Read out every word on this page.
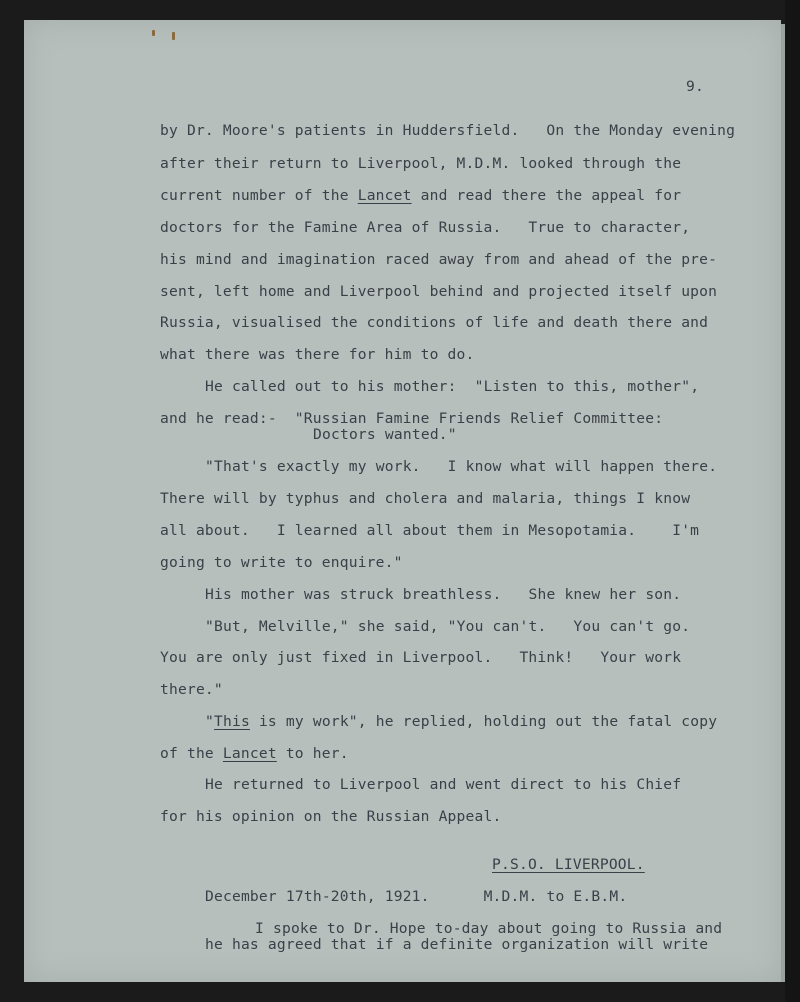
9.
by Dr. Moore's patients in Huddersfield.   On the Monday evening
after their return to Liverpool, M.D.M. looked through the
current number of the Lancet and read there the appeal for
doctors for the Famine Area of Russia.   True to character,
his mind and imagination raced away from and ahead of the pre-
sent, left home and Liverpool behind and projected itself upon
Russia, visualised the conditions of life and death there and
what there was there for him to do.
He called out to his mother:  "Listen to this, mother",
and he read:-  "Russian Famine Friends Relief Committee:
Doctors wanted."
"That's exactly my work.   I know what will happen there.
There will by typhus and cholera and malaria, things I know
all about.   I learned all about them in Mesopotamia.    I'm
going to write to enquire."
His mother was struck breathless.   She knew her son.
"But, Melville," she said, "You can't.   You can't go.
You are only just fixed in Liverpool.   Think!   Your work
there."
"This is my work", he replied, holding out the fatal copy
of the Lancet to her.
He returned to Liverpool and went direct to his Chief
for his opinion on the Russian Appeal.
P.S.O. LIVERPOOL.
December 17th-20th, 1921.      M.D.M. to E.B.M.
I spoke to Dr. Hope to-day about going to Russia and
he has agreed that if a definite organization will write
